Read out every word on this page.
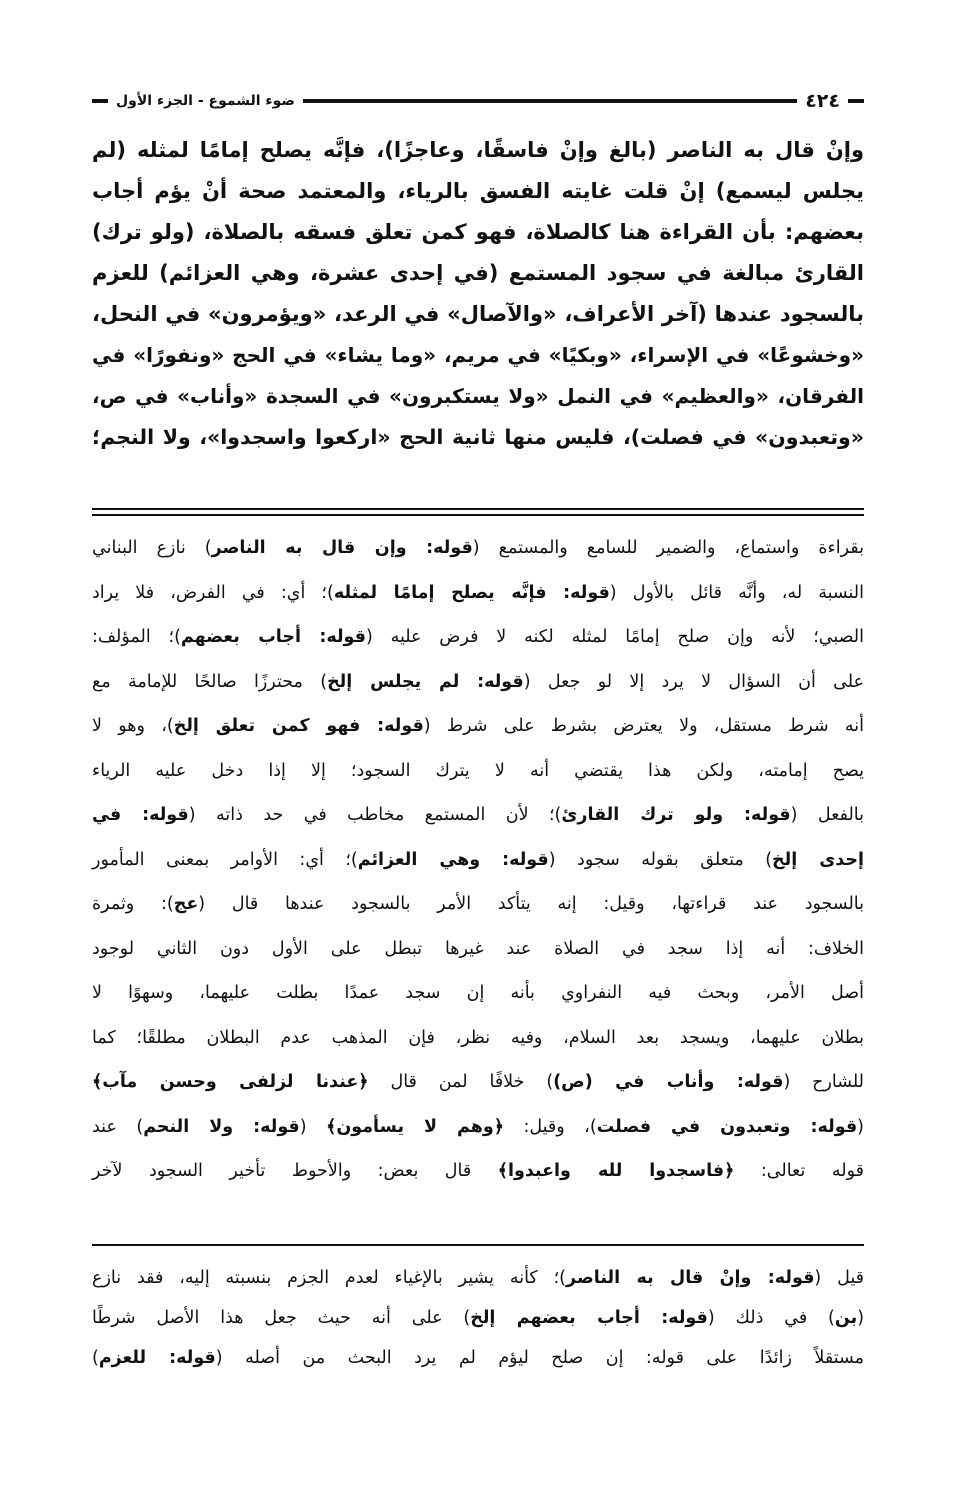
٤٢٤
ضوء الشموع - الجزء الأول
وإنْ قال به الناصر (بالغ وإنْ فاسقًا، وعاجزًا)، فإنَّه يصلح إمامًا لمثله (لم
يجلس ليسمع) إنْ قلت غايته الفسق بالرياء، والمعتمد صحة أنْ يؤم أجاب
بعضهم: بأن القراءة هنا كالصلاة، فهو كمن تعلق فسقه بالصلاة، (ولو ترك)
القارئ مبالغة في سجود المستمع (في إحدى عشرة، وهي العزائم) للعزم
بالسجود عندها (آخر الأعراف، «والآصال» في الرعد، «ويؤمرون» في النحل،
«وخشوعًا» في الإسراء، «وبكيًا» في مريم، «وما يشاء» في الحج «ونفورًا» في
الفرقان، «والعظيم» في النمل «ولا يستكبرون» في السجدة «وأناب» في ص،
«وتعبدون» في فصلت)، فليس منها ثانية الحج «اركعوا واسجدوا»، ولا النجم؛
بقراءة واستماع، والضمير للسامع والمستمع (قوله: وإن قال به الناصر) نازع البناني
النسبة له، وأنَّه قائل بالأول (قوله: فإنَّه يصلح إمامًا لمثله)؛ أي: في الفرض، فلا يراد
الصبي؛ لأنه وإن صلح إمامًا لمثله لكنه لا فرض عليه (قوله: أجاب بعضهم)؛ المؤلف:
على أن السؤال لا يرد إلا لو جعل (قوله: لم يجلس إلخ) محترزًا صالحًا للإمامة مع
أنه شرط مستقل، ولا يعترض بشرط على شرط (قوله: فهو كمن تعلق إلخ)، وهو لا
يصح إمامته، ولكن هذا يقتضي أنه لا يترك السجود؛ إلا إذا دخل عليه الرياء
بالفعل (قوله: ولو ترك القارئ)؛ لأن المستمع مخاطب في حد ذاته (قوله: في
إحدى إلخ) متعلق بقوله سجود (قوله: وهي العزائم)؛ أي: الأوامر بمعنى المأمور
بالسجود عند قراءتها، وقيل: إنه يتأكد الأمر بالسجود عندها قال (عج): وثمرة
الخلاف: أنه إذا سجد في الصلاة عند غيرها تبطل على الأول دون الثاني لوجود
أصل الأمر، وبحث فيه النفراوي بأنه إن سجد عمدًا بطلت عليهما، وسهوًا لا
بطلان عليهما، ويسجد بعد السلام، وفيه نظر، فإن المذهب عدم البطلان مطلقًا؛ كما
للشارح (قوله: وأناب في (ص)) خلافًا لمن قال ﴿عندنا لزلفى وحسن مآب﴾
(قوله: وتعبدون في فصلت)، وقيل: ﴿وهم لا يسأمون﴾ (قوله: ولا النحم) عند
قوله تعالى: ﴿فاسجدوا لله واعبدوا﴾ قال بعض: والأحوط تأخير السجود لآخر
قيل (قوله: وإنْ قال به الناصر)؛ كأنه يشير بالإغياء لعدم الجزم بنسبته إليه، فقد نازع
(بن) في ذلك (قوله: أجاب بعضهم إلخ) على أنه حيث جعل هذا الأصل شرطًا
مستقلاً زائدًا على قوله: إن صلح ليؤم لم يرد البحث من أصله (قوله: للعزم)
